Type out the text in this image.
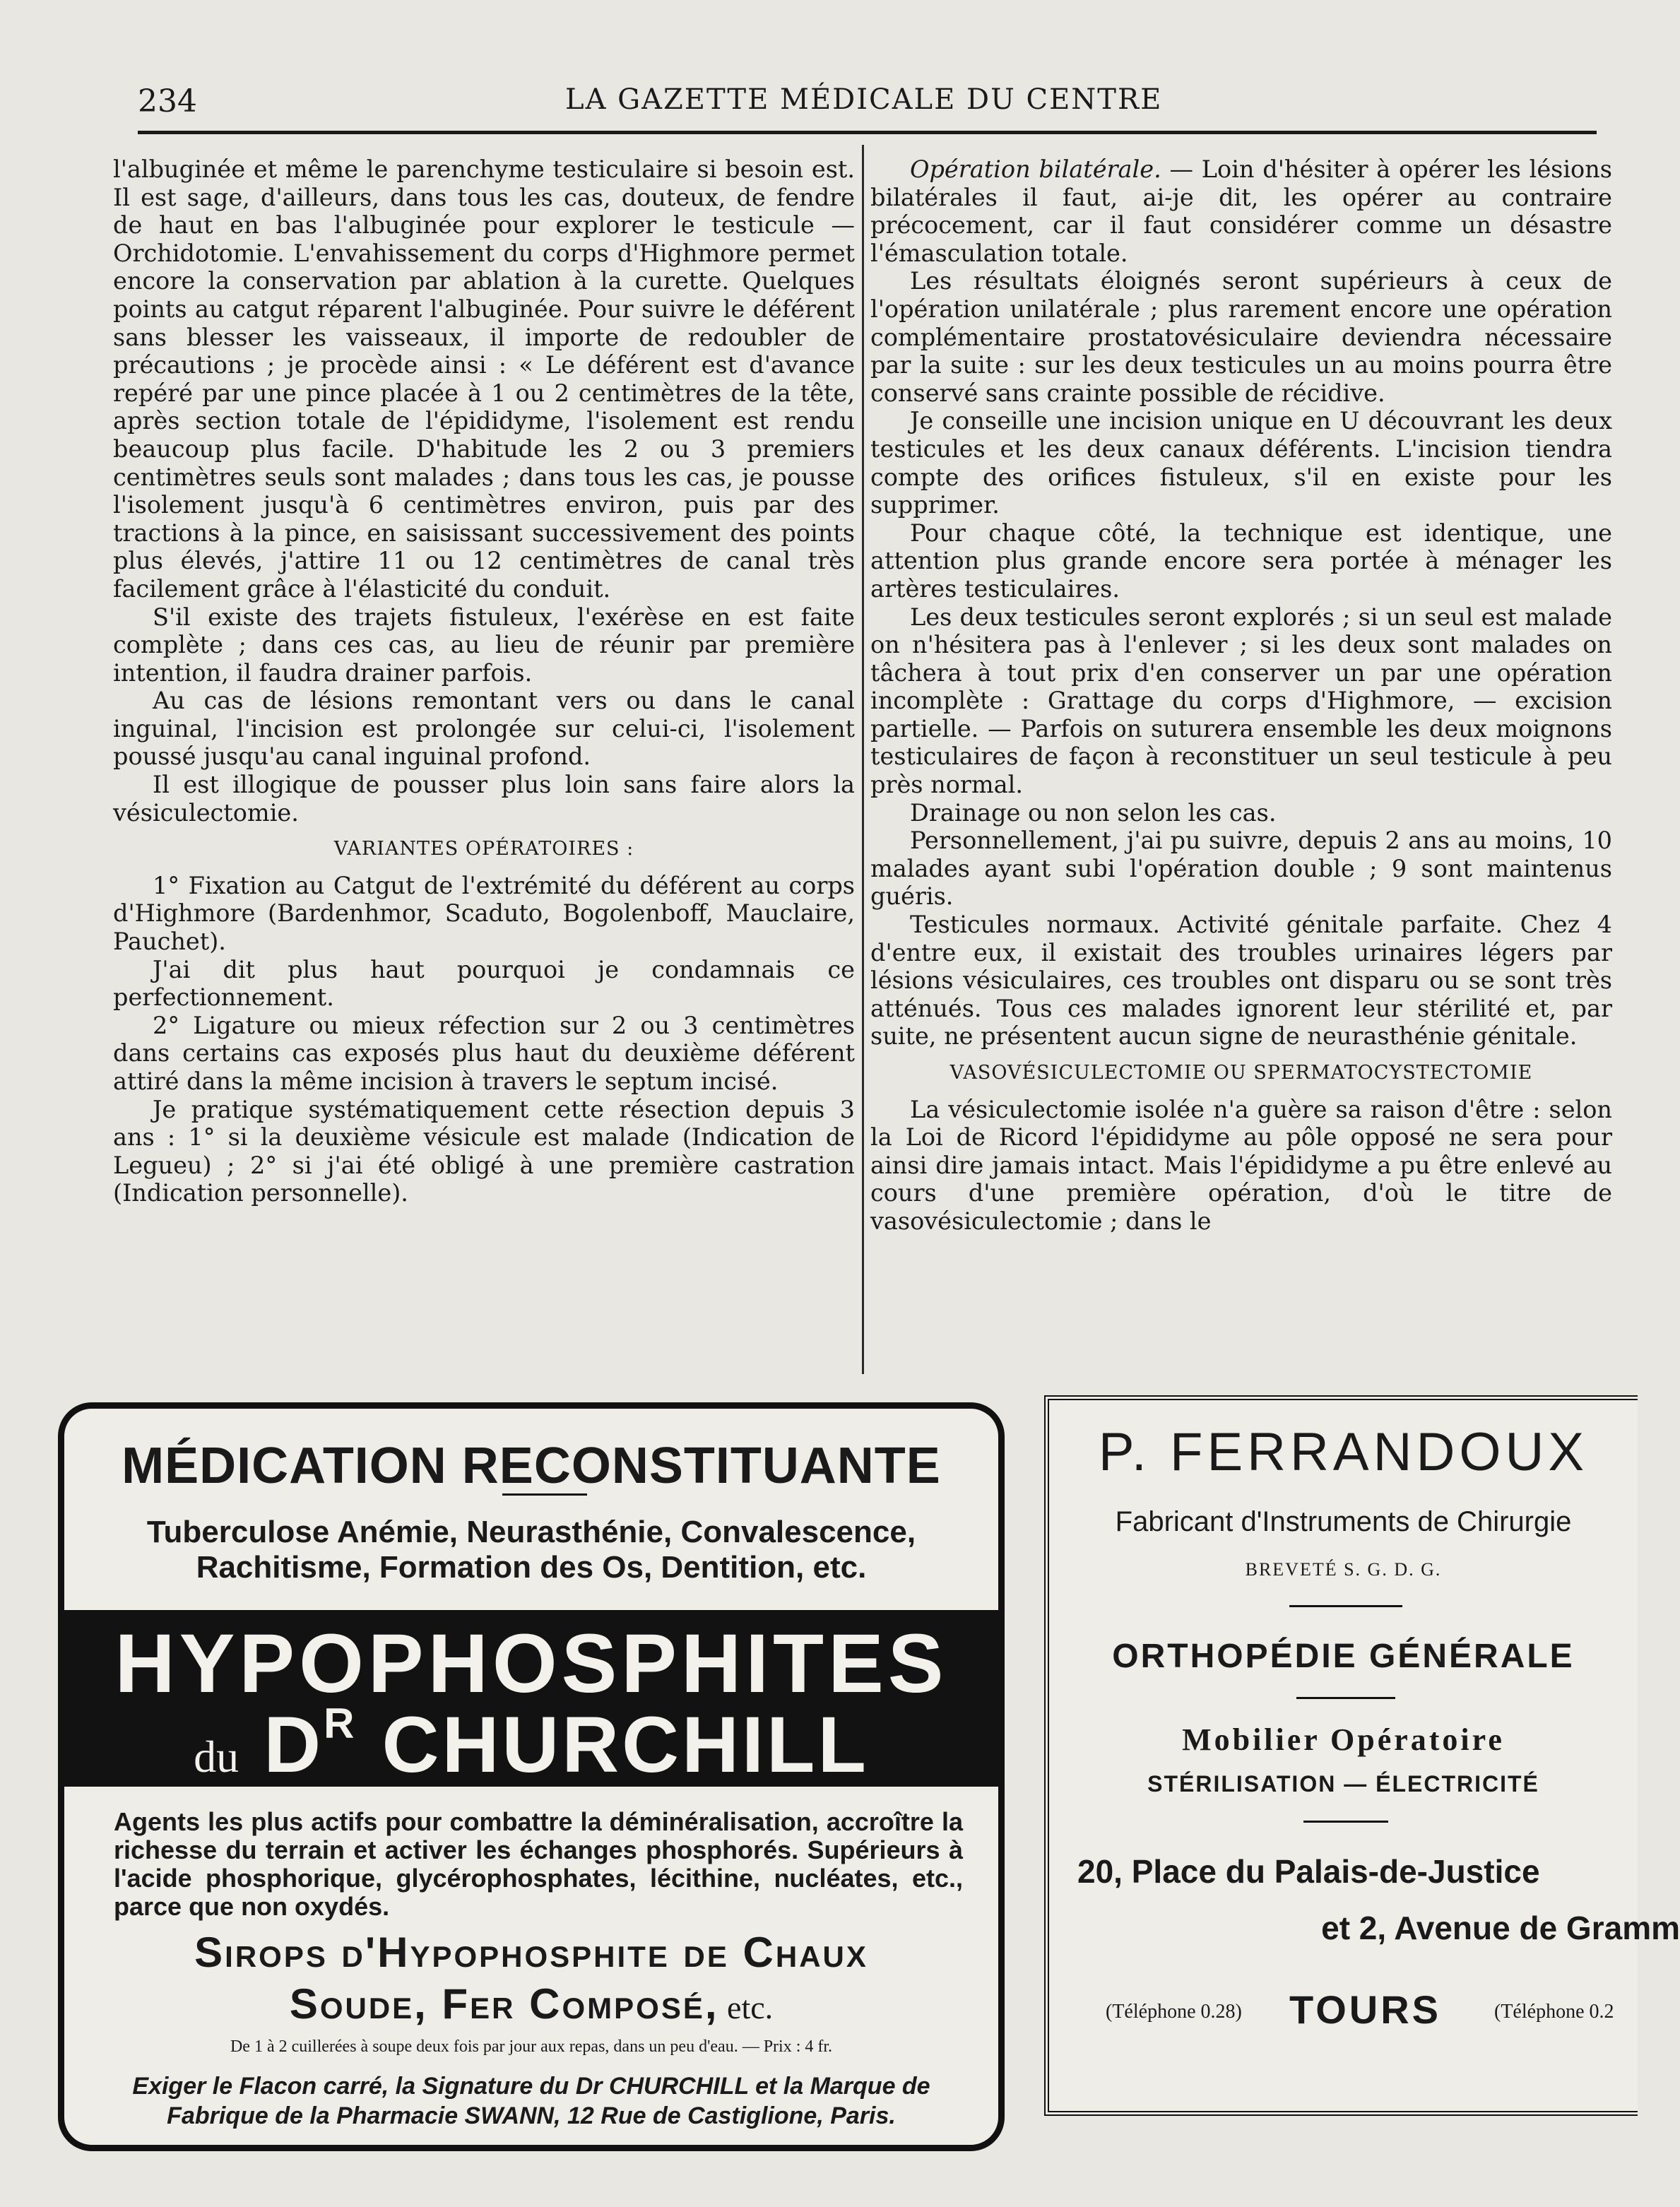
234	LA GAZETTE MÉDICALE DU CENTRE

l'albuginée et même le parenchyme testiculaire si besoin est. Il est sage, d'ailleurs, dans tous les cas, douteux, de fendre de haut en bas l'albuginée pour explorer le testicule — Orchidotomie. L'envahissement du corps d'Highmore permet encore la conservation par ablation à la curette. Quelques points au catgut réparent l'albuginée. Pour suivre le déférent sans blesser les vaisseaux, il importe de redoubler de précautions ; je procède ainsi : « Le déférent est d'avance repéré par une pince placée à 1 ou 2 centimètres de la tête, après section totale de l'épididyme, l'isolement est rendu beaucoup plus facile. D'habitude les 2 ou 3 premiers centimètres seuls sont malades ; dans tous les cas, je pousse l'isolement jusqu'à 6 centimètres environ, puis par des tractions à la pince, en saisissant successivement des points plus élevés, j'attire 11 ou 12 centimètres de canal très facilement grâce à l'élasticité du conduit.

S'il existe des trajets fistuleux, l'exérèse en est faite complète ; dans ces cas, au lieu de réunir par première intention, il faudra drainer parfois.

Au cas de lésions remontant vers ou dans le canal inguinal, l'incision est prolongée sur celui-ci, l'isolement poussé jusqu'au canal inguinal profond.

Il est illogique de pousser plus loin sans faire alors la vésiculectomie.

VARIANTES OPÉRATOIRES :

1° Fixation au Catgut de l'extrémité du déférent au corps d'Highmore (Bardenhmor, Scaduto, Bogolenboff, Mauclaire, Pauchet).

J'ai dit plus haut pourquoi je condamnais ce perfectionnement.

2° Ligature ou mieux réfection sur 2 ou 3 centimètres dans certains cas exposés plus haut du deuxième déférent attiré dans la même incision à travers le septum incisé.

Je pratique systématiquement cette résection depuis 3 ans : 1° si la deuxième vésicule est malade (Indication de Legueu) ; 2° si j'ai été obligé à une première castration (Indication personnelle).

Opération bilatérale. — Loin d'hésiter à opérer les lésions bilatérales il faut, ai-je dit, les opérer au contraire précocement, car il faut considérer comme un désastre l'émasculation totale.

Les résultats éloignés seront supérieurs à ceux de l'opération unilatérale ; plus rarement encore une opération complémentaire prostatovésiculaire deviendra nécessaire par la suite : sur les deux testicules un au moins pourra être conservé sans crainte possible de récidive.

Je conseille une incision unique en U découvrant les deux testicules et les deux canaux déférents. L'incision tiendra compte des orifices fistuleux, s'il en existe pour les supprimer.

Pour chaque côté, la technique est identique, une attention plus grande encore sera portée à ménager les artères testiculaires.

Les deux testicules seront explorés ; si un seul est malade on n'hésitera pas à l'enlever ; si les deux sont malades on tâchera à tout prix d'en conserver un par une opération incomplète : Grattage du corps d'Highmore, — excision partielle. — Parfois on suturera ensemble les deux moignons testiculaires de façon à reconstituer un seul testicule à peu près normal.

Drainage ou non selon les cas.

Personnellement, j'ai pu suivre, depuis 2 ans au moins, 10 malades ayant subi l'opération double ; 9 sont maintenus guéris.

Testicules normaux. Activité génitale parfaite. Chez 4 d'entre eux, il existait des troubles urinaires légers par lésions vésiculaires, ces troubles ont disparu ou se sont très atténués. Tous ces malades ignorent leur stérilité et, par suite, ne présentent aucun signe de neurasthénie génitale.

VASOVÉSICULECTOMIE OU SPERMATOCYSTECTOMIE

La vésiculectomie isolée n'a guère sa raison d'être : selon la Loi de Ricord l'épididyme au pôle opposé ne sera pour ainsi dire jamais intact. Mais l'épididyme a pu être enlevé au cours d'une première opération, d'où le titre de vasovésiculectomie ; dans le

MÉDICATION RECONSTITUANTE
Tuberculose Anémie, Neurasthénie, Convalescence, Rachitisme, Formation des Os, Dentition, etc.
HYPOPHOSPHITES
du $D^R$ CHURCHILL
Agents les plus actifs pour combattre la déminéralisation, accroître la richesse du terrain et activer les échanges phosphorés. Supérieurs à l'acide phosphorique, glycérophosphates, lécithine, nucléates, etc., parce que non oxydés.
Sirops d'Hypophosphite de Chaux
Soude, Fer Composé, etc.
De 1 à 2 cuillerées à soupe deux fois par jour aux repas, dans un peu d'eau. — Prix : 4 fr.
Exiger le Flacon carré, la Signature du Dr CHURCHILL et la Marque de Fabrique de la Pharmacie SWANN, 12 Rue de Castiglione, Paris.
P. FERRANDOUX
Fabricant d'Instruments de Chirurgie
BREVETÉ S. G. D. G.
ORTHOPÉDIE GÉNÉRALE
Mobilier Opératoire
STÉRILISATION — ÉLECTRICITÉ
20, Place du Palais-de-Justice
et 2, Avenue de Gramm
(Téléphone 0.28) TOURS	(Téléphone 0.2
